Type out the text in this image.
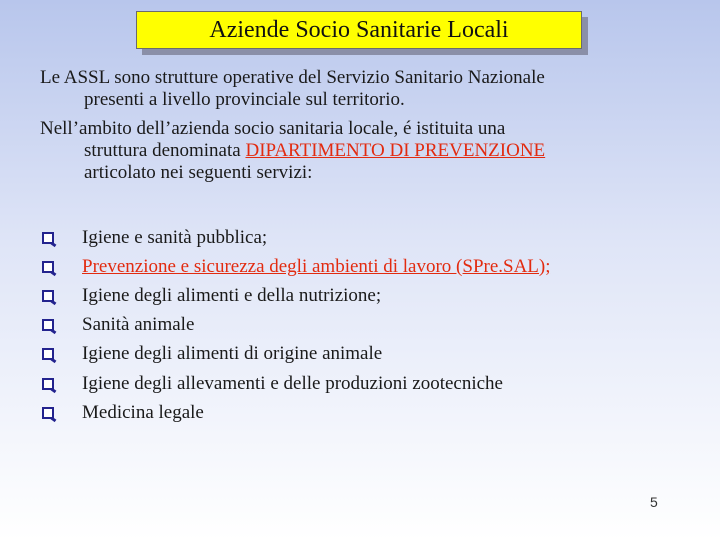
Aziende Socio Sanitarie Locali
Le ASSL sono strutture operative del Servizio Sanitario Nazionale
presenti a livello provinciale sul territorio.
Nell’ambito dell’azienda socio sanitaria locale, é istituita una
struttura denominata DIPARTIMENTO DI PREVENZIONE
articolato nei seguenti servizi:
Igiene e sanità pubblica;
Prevenzione e sicurezza degli ambienti di lavoro (SPre.SAL);
Igiene degli alimenti e della nutrizione;
Sanità animale
Igiene degli alimenti di origine animale
Igiene degli allevamenti e delle produzioni zootecniche
Medicina legale
5
